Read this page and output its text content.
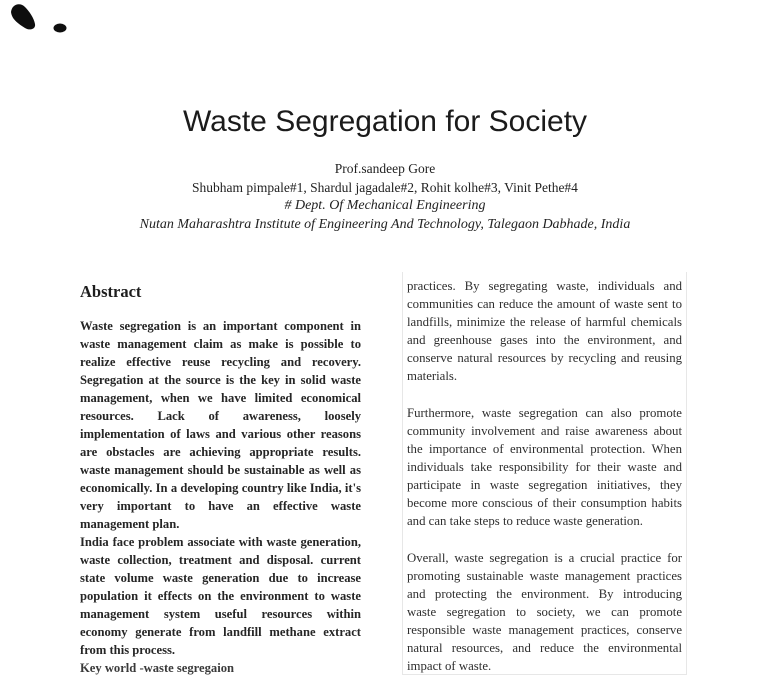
Waste Segregation for Society
Prof.sandeep Gore
Shubham pimpale#1, Shardul jagadale#2, Rohit kolhe#3, Vinit Pethe#4
# Dept. Of Mechanical Engineering
Nutan Maharashtra Institute of Engineering And Technology, Talegaon Dabhade, India
Abstract

Waste segregation is an important component in waste management claim as make is possible to realize effective reuse recycling and recovery. Segregation at the source is the key in solid waste management, when we have limited economical resources. Lack of awareness, loosely implementation of laws and various other reasons are obstacles are achieving appropriate results. waste management should be sustainable as well as economically. In a developing country like India, it's very important to have an effective waste management plan.

India face problem associate with waste generation, waste collection, treatment and disposal. current state volume waste generation due to increase population it effects on the environment to waste management system useful resources within economy generate from landfill methane extract from this process.

Key world -waste segregaion

practices. By segregating waste, individuals and communities can reduce the amount of waste sent to landfills, minimize the release of harmful chemicals and greenhouse gases into the environment, and conserve natural resources by recycling and reusing materials.

Furthermore, waste segregation can also promote community involvement and raise awareness about the importance of environmental protection. When individuals take responsibility for their waste and participate in waste segregation initiatives, they become more conscious of their consumption habits and can take steps to reduce waste generation.

Overall, waste segregation is a crucial practice for promoting sustainable waste management practices and protecting the environment. By introducing waste segregation to society, we can promote responsible waste management practices, conserve natural resources, and reduce the environmental impact of waste.
